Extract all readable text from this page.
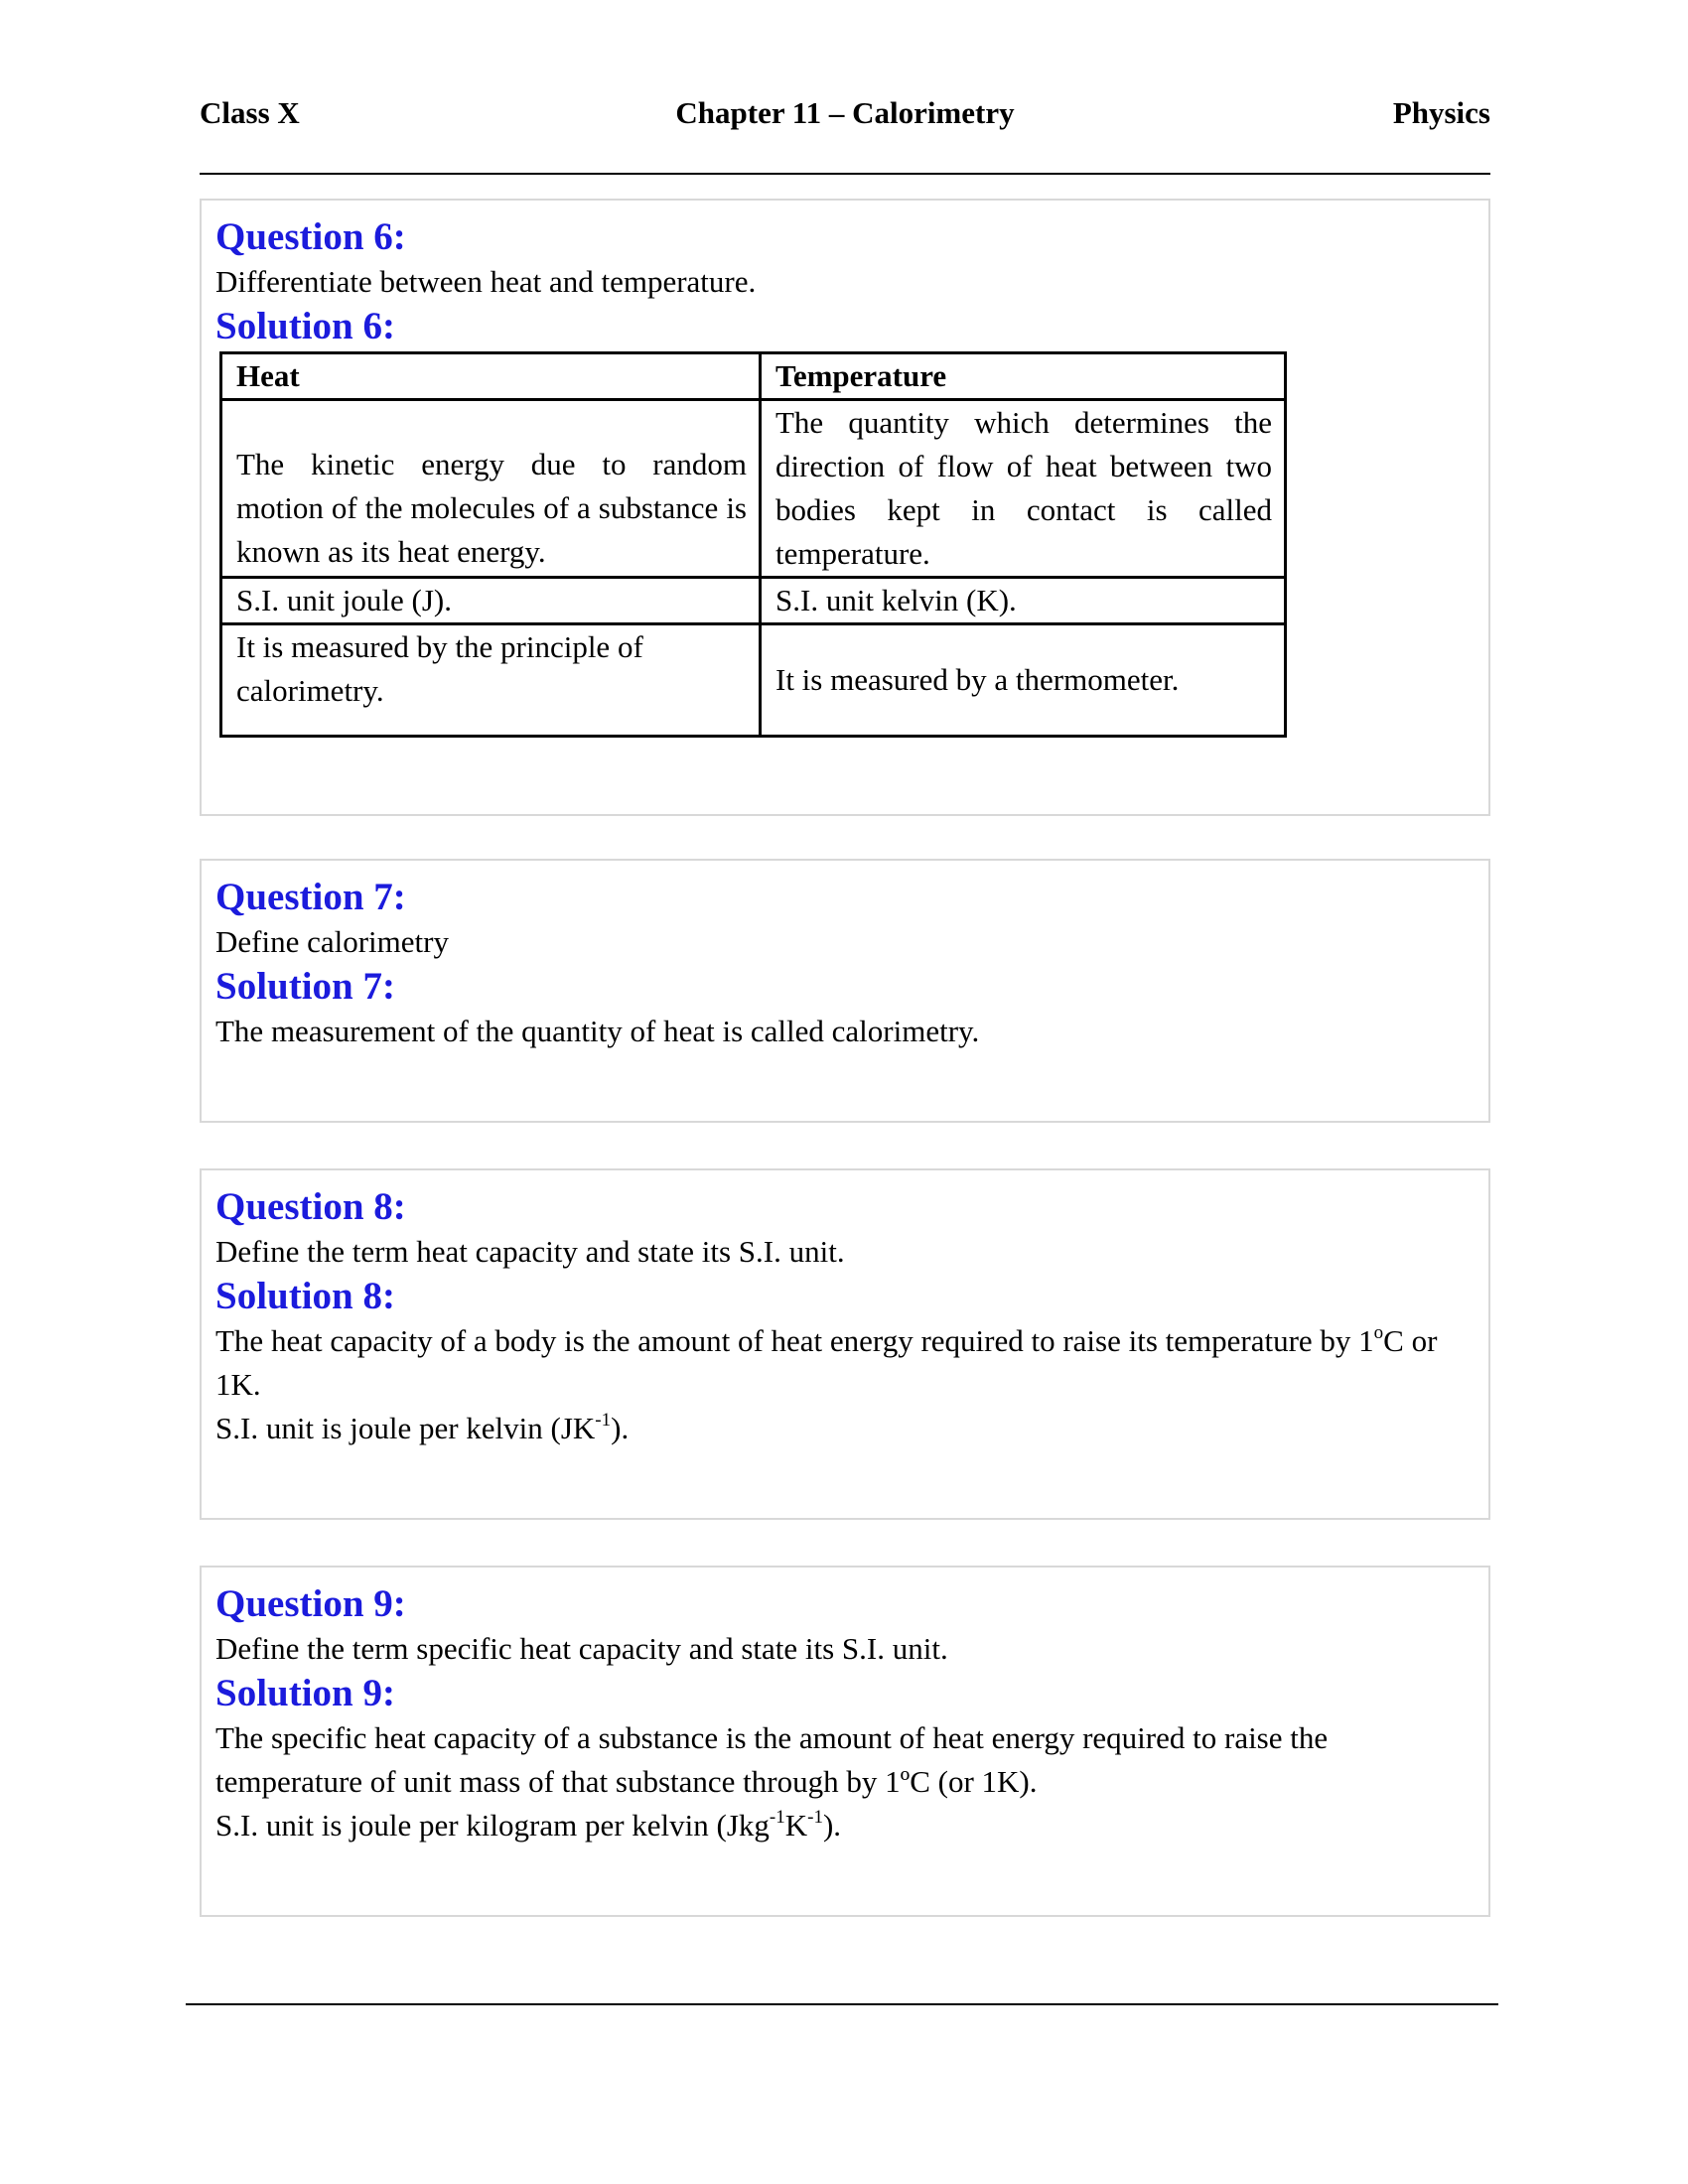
Class X	Chapter 11 – Calorimetry	Physics

Question 6:

Differentiate between heat and temperature.

Solution 6:

Heat	Temperature
The kinetic energy due to random motion of the molecules of a substance is known as its heat energy.	The quantity which determines the direction of flow of heat between two bodies kept in contact is called temperature.
S.I. unit joule (J).	S.I. unit kelvin (K).
It is measured by the principle of calorimetry.	It is measured by a thermometer.

Question 7:

Define calorimetry

Solution 7:

The measurement of the quantity of heat is called calorimetry.

Question 8:

Define the term heat capacity and state its S.I. unit.

Solution 8:

The heat capacity of a body is the amount of heat energy required to raise its temperature by 1$^o$C or 1K.

S.I. unit is joule per kelvin $(JK^{-1})$.

Question 9:

Define the term specific heat capacity and state its S.I. unit.

Solution 9:

The specific heat capacity of a substance is the amount of heat energy required to raise the temperature of unit mass of that substance through by 1ºC (or 1K).

S.I. unit is joule per kilogram per kelvin $(Jkg^{-1}K^{-1})$.
